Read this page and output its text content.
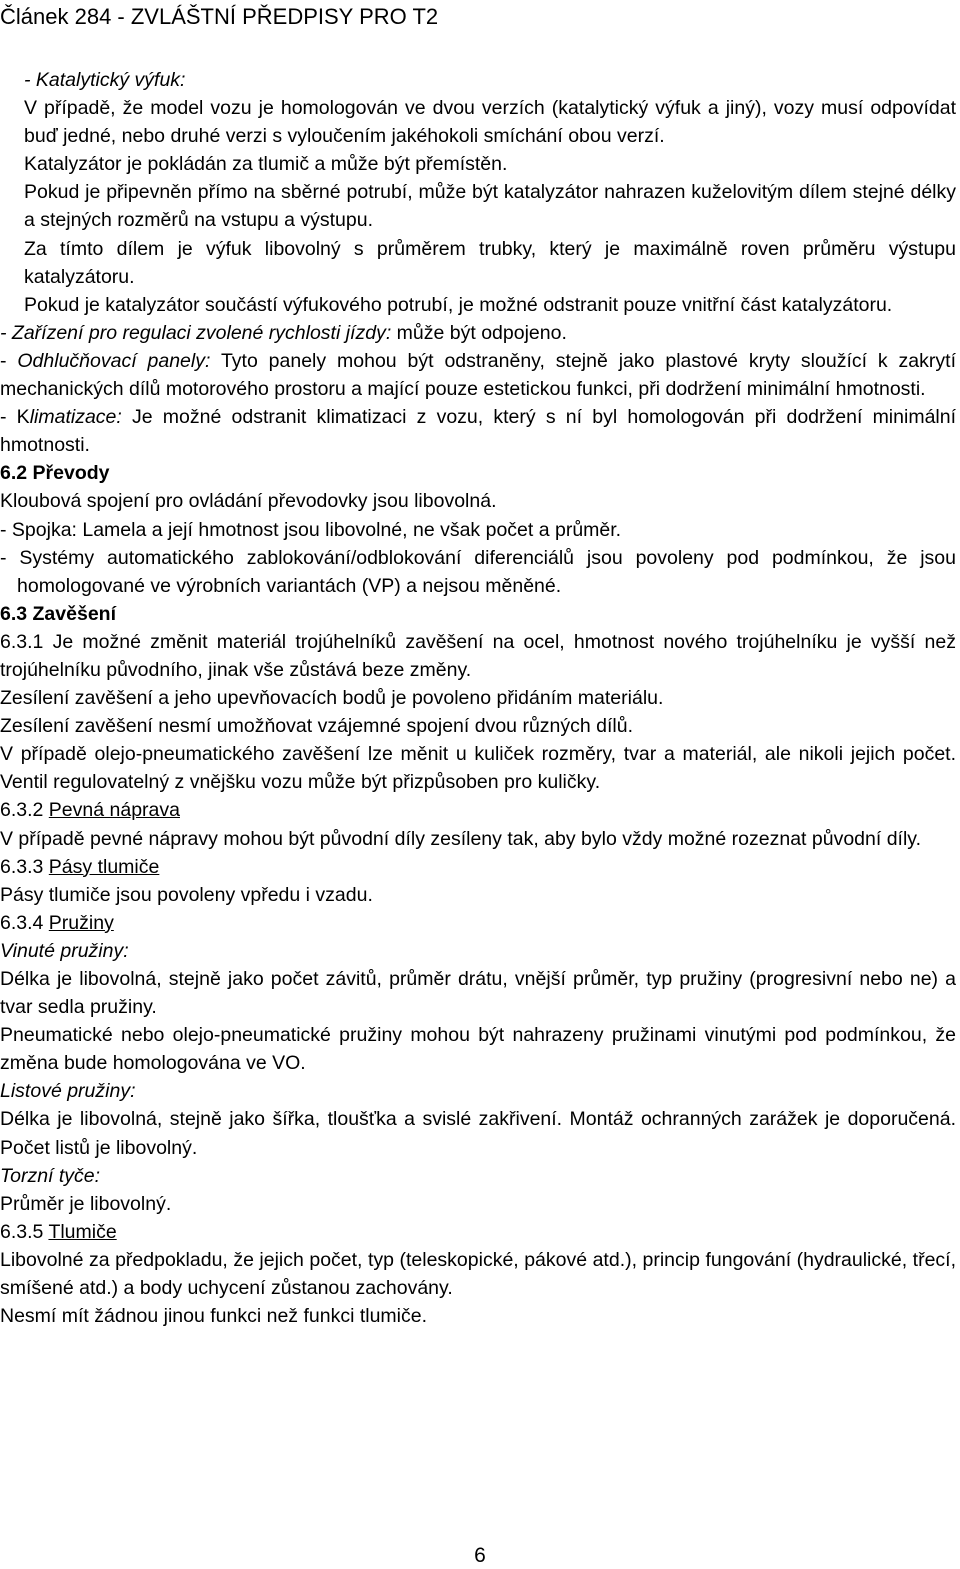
Článek 284 - ZVLÁŠTNÍ PŘEDPISY PRO T2

- Katalytický výfuk:

V případě, že model vozu je homologován ve dvou verzích (katalytický výfuk a jiný), vozy musí odpovídat buď jedné, nebo druhé verzi s vyloučením jakéhokoli smíchání obou verzí.

Katalyzátor je pokládán za tlumič a může být přemístěn.

Pokud je připevněn přímo na sběrné potrubí, může být katalyzátor nahrazen kuželovitým dílem stejné délky a stejných rozměrů na vstupu a výstupu.

Za tímto dílem je výfuk libovolný s průměrem trubky, který je maximálně roven průměru výstupu katalyzátoru.

Pokud je katalyzátor součástí výfukového potrubí, je možné odstranit pouze vnitřní část katalyzátoru.

- Zařízení pro regulaci zvolené rychlosti jízdy: může být odpojeno.

- Odhlučňovací panely: Tyto panely mohou být odstraněny, stejně jako plastové kryty sloužící k zakrytí mechanických dílů motorového prostoru a mající pouze estetickou funkci, při dodržení minimální hmotnosti.

- Klimatizace: Je možné odstranit klimatizaci z vozu, který s ní byl homologován při dodržení minimální hmotnosti.

6.2 Převody

Kloubová spojení pro ovládání převodovky jsou libovolná.

- Spojka: Lamela a její hmotnost jsou libovolné, ne však počet a průměr.

- Systémy automatického zablokování/odblokování diferenciálů jsou povoleny pod podmínkou, že jsou homologované ve výrobních variantách (VP) a nejsou měněné.

6.3 Zavěšení

6.3.1 Je možné změnit materiál trojúhelníků zavěšení na ocel, hmotnost nového trojúhelníku je vyšší než trojúhelníku původního, jinak vše zůstává beze změny.

Zesílení zavěšení a jeho upevňovacích bodů je povoleno přidáním materiálu.

Zesílení zavěšení nesmí umožňovat vzájemné spojení dvou různých dílů.

V případě olejo-pneumatického zavěšení lze měnit u kuliček rozměry, tvar a materiál, ale nikoli jejich počet. Ventil regulovatelný z vnějšku vozu může být přizpůsoben pro kuličky.

6.3.2 Pevná náprava

V případě pevné nápravy mohou být původní díly zesíleny tak, aby bylo vždy možné rozeznat původní díly.

6.3.3 Pásy tlumiče

Pásy tlumiče jsou povoleny vpředu i vzadu.

6.3.4 Pružiny

Vinuté pružiny:

Délka je libovolná, stejně jako počet závitů, průměr drátu, vnější průměr, typ pružiny (progresivní nebo ne) a tvar sedla pružiny.

Pneumatické nebo olejo-pneumatické pružiny mohou být nahrazeny pružinami vinutými pod podmínkou, že změna bude homologována ve VO.

Listové pružiny:

Délka je libovolná, stejně jako šířka, tloušťka a svislé zakřivení. Montáž ochranných zarážek je doporučená. Počet listů je libovolný.

Torzní tyče:

Průměr je libovolný.

6.3.5 Tlumiče

Libovolné za předpokladu, že jejich počet, typ (teleskopické, pákové atd.), princip fungování (hydraulické, třecí, smíšené atd.) a body uchycení zůstanou zachovány.

Nesmí mít žádnou jinou funkci než funkci tlumiče.

6
